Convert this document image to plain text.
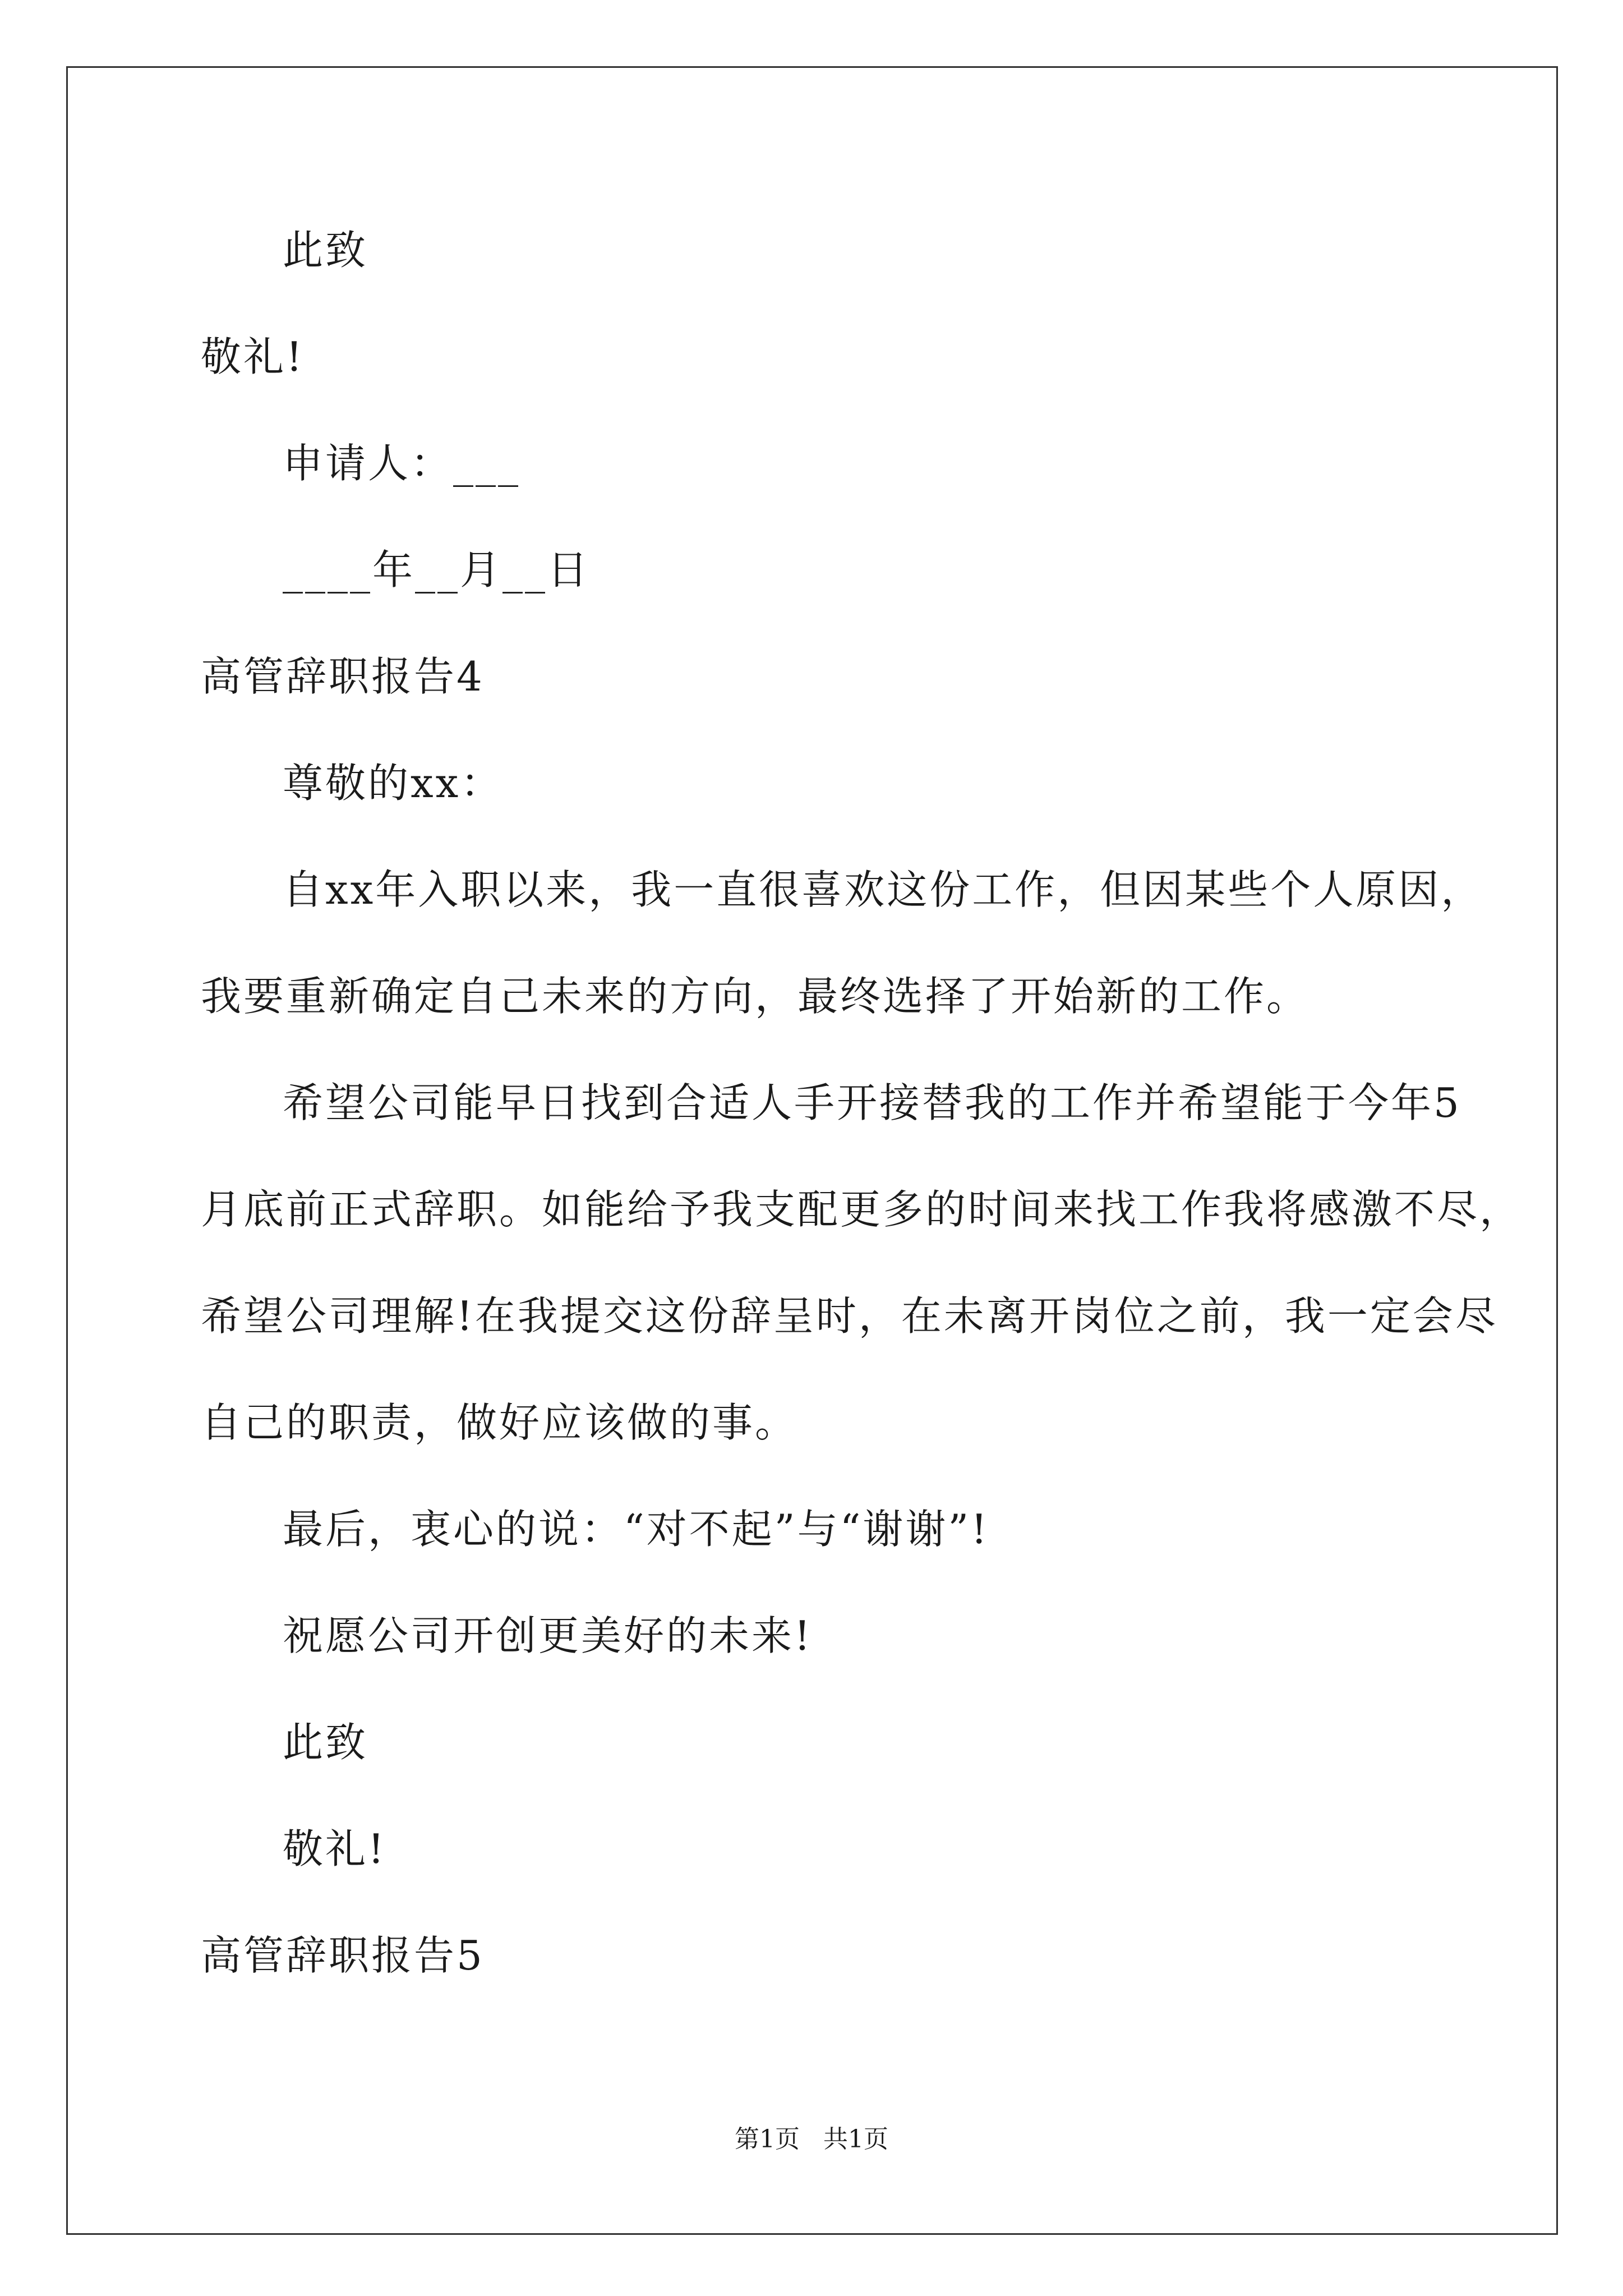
此致
敬礼!
申请人：___
____年__月__日
高管辞职报告4
尊敬的xx：
自xx年入职以来，我一直很喜欢这份工作，但因某些个人原因，
我要重新确定自己未来的方向，最终选择了开始新的工作。
希望公司能早日找到合适人手开接替我的工作并希望能于今年5
月底前正式辞职。如能给予我支配更多的时间来找工作我将感激不尽，
希望公司理解!在我提交这份辞呈时，在未离开岗位之前，我一定会尽
自己的职责，做好应该做的事。
最后，衷心的说：“对不起”与“谢谢”!
祝愿公司开创更美好的未来!
此致
敬礼!
高管辞职报告5
第1页   共1页
